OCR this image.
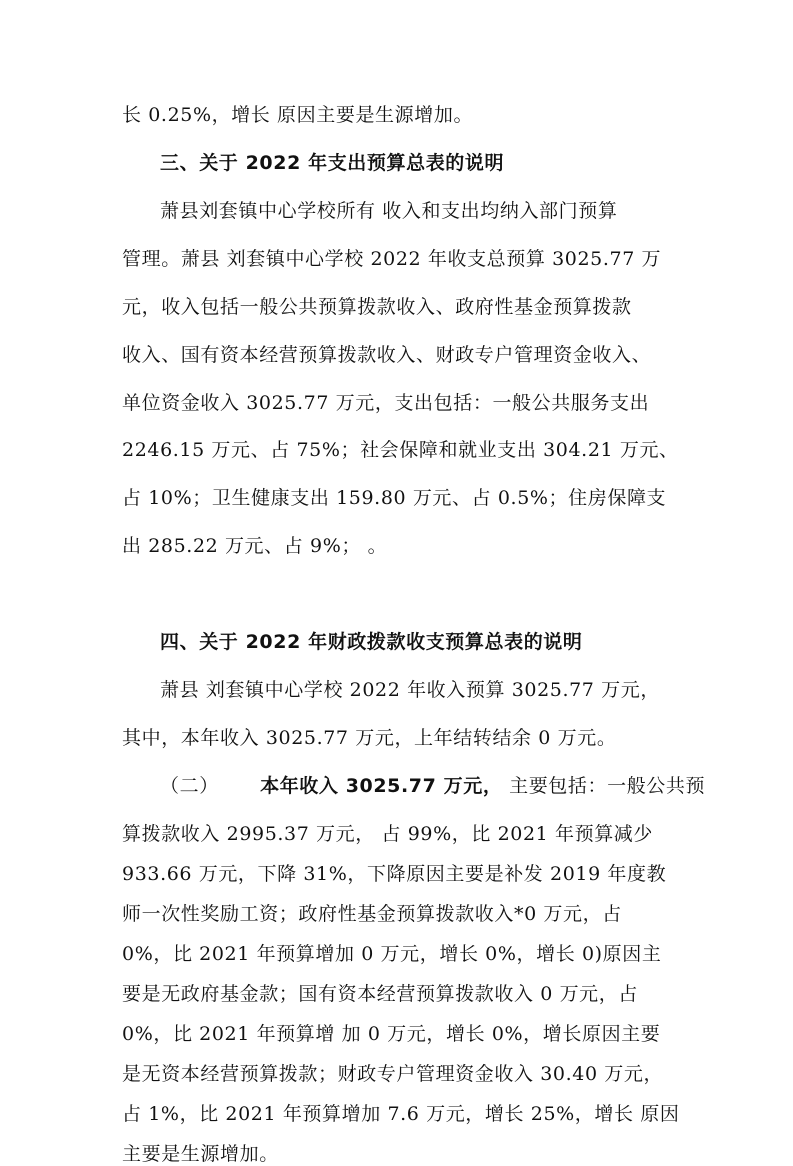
长 0.25%，增长 原因主要是生源增加。
三、关于 2022 年支出预算总表的说明
萧县刘套镇中心学校所有 收入和支出均纳入部门预算
管理。萧县 刘套镇中心学校 2022 年收支总预算 3025.77 万
元，收入包括一般公共预算拨款收入、政府性基金预算拨款
收入、国有资本经营预算拨款收入、财政专户管理资金收入、
单位资金收入 3025.77 万元，支出包括：一般公共服务支出
2246.15 万元、占 75%；社会保障和就业支出 304.21 万元、
占 10%；卫生健康支出 159.80 万元、占 0.5%；住房保障支
出 285.22 万元、占 9%； 。
四、关于 2022 年财政拨款收支预算总表的说明
萧县 刘套镇中心学校 2022 年收入预算 3025.77 万元，
其中，本年收入 3025.77 万元，上年结转结余 0 万元。
（二） 本年收入 3025.77 万元， 主要包括：一般公共预
算拨款收入 2995.37 万元， 占 99%，比 2021 年预算减少
933.66 万元，下降 31%，下降原因主要是补发 2019 年度教
师一次性奖励工资；政府性基金预算拨款收入*0 万元，占
0%，比 2021 年预算增加 0 万元，增长 0%，增长 0)原因主
要是无政府基金款；国有资本经营预算拨款收入 0 万元，占
0%，比 2021 年预算增 加 0 万元，增长 0%，增长原因主要
是无资本经营预算拨款；财政专户管理资金收入 30.40 万元，
占 1%，比 2021 年预算增加 7.6 万元，增长 25%，增长 原因
主要是生源增加。
